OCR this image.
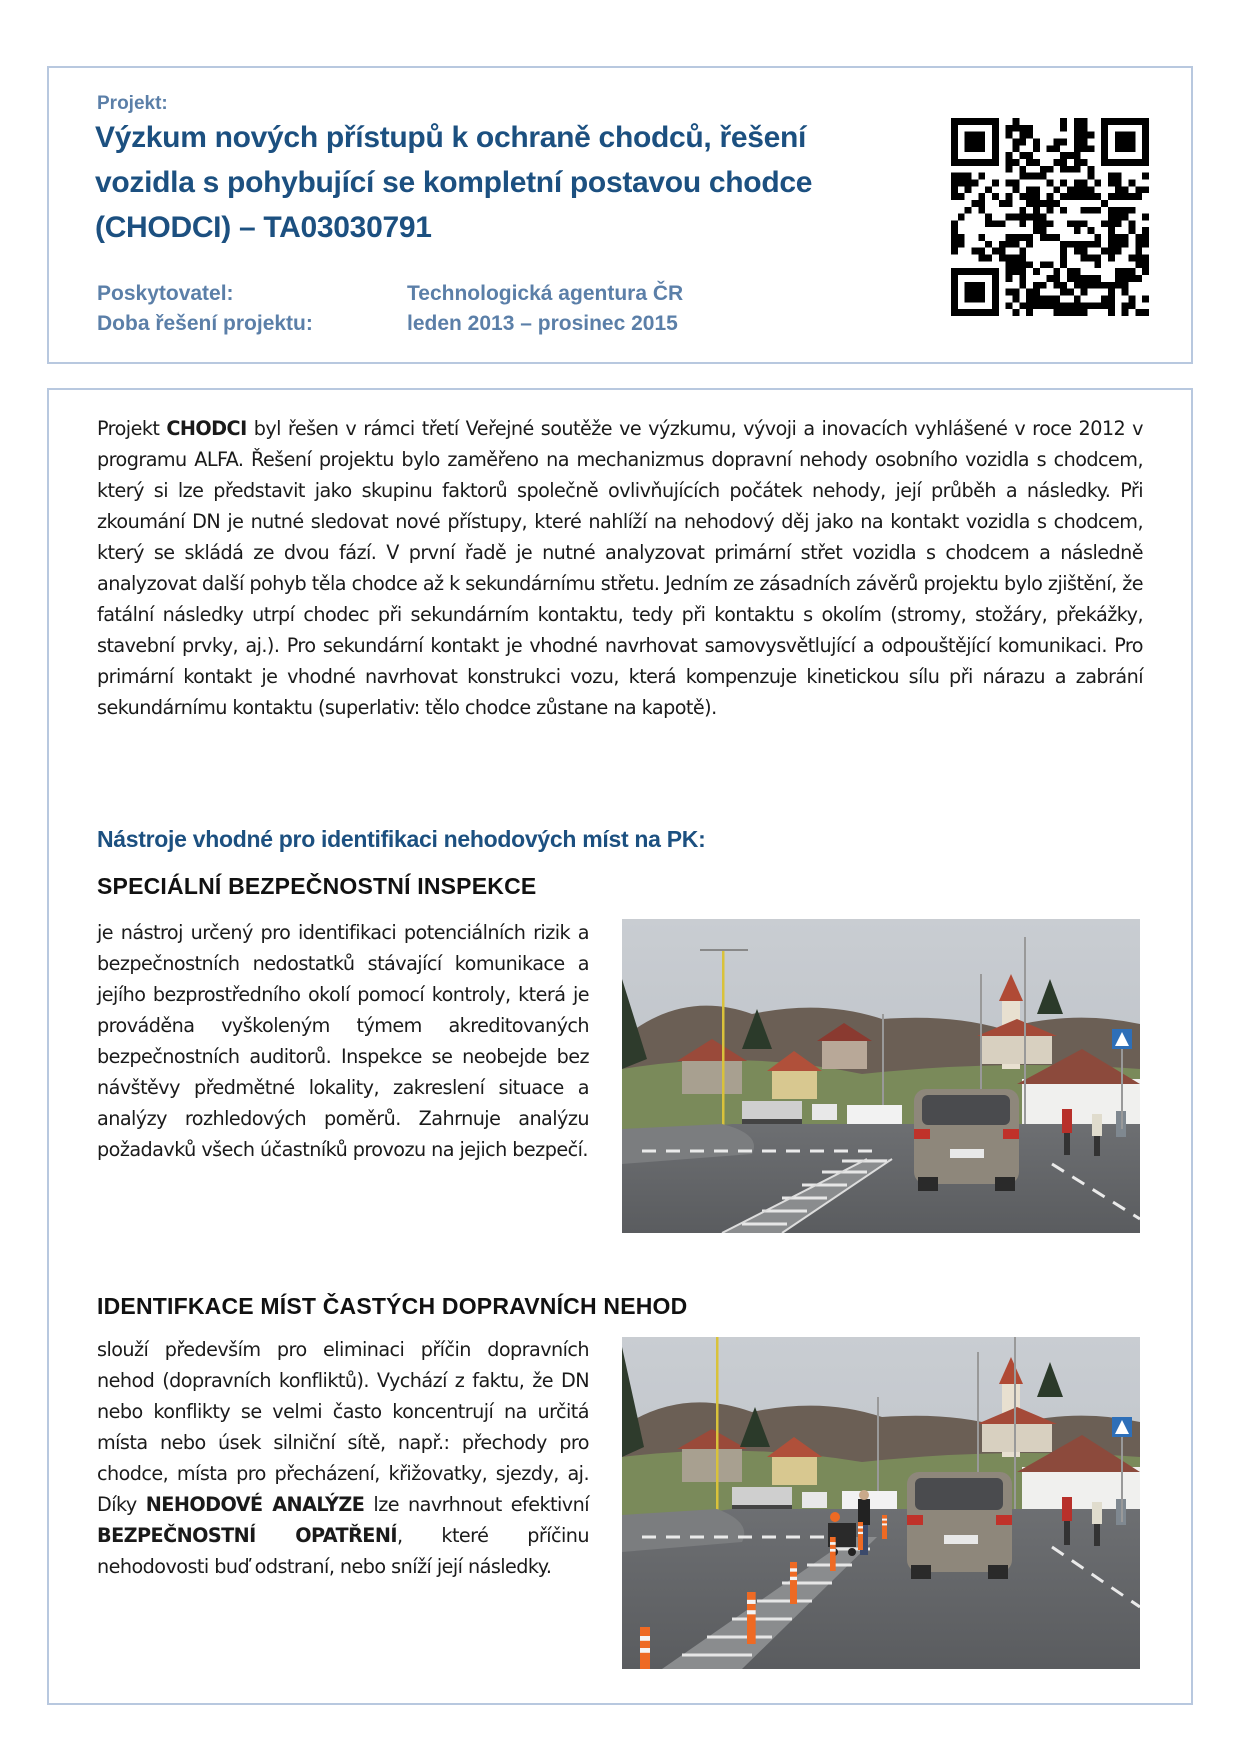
Projekt:
Výzkum nových přístupů k ochraně chodců, řešení
vozidla s pohybující se kompletní postavou chodce
(CHODCI) – TA03030791
Poskytovatel:	Technologická agentura ČR
Doba řešení projektu:	leden 2013 – prosinec 2015
Projekt CHODCI byl řešen v rámci třetí Veřejné soutěže ve výzkumu, vývoji a inovacích vyhlášené v roce 2012 v programu ALFA. Řešení projektu bylo zaměřeno na mechanizmus dopravní nehody osobního vozidla s chodcem, který si lze představit jako skupinu faktorů společně ovlivňujících počátek nehody, její průběh a následky. Při zkoumání DN je nutné sledovat nové přístupy, které nahlíží na nehodový děj jako na kontakt vozidla s chodcem, který se skládá ze dvou fází. V první řadě je nutné analyzovat primární střet vozidla s chodcem a následně analyzovat další pohyb těla chodce až k sekundárnímu střetu. Jedním ze zásadních závěrů projektu bylo zjištění, že fatální následky utrpí chodec při sekundárním kontaktu, tedy při kontaktu s okolím (stromy, stožáry, překážky, stavební prvky, aj.). Pro sekundární kontakt je vhodné navrhovat samovysvětlující a odpouštějící komunikaci. Pro primární kontakt je vhodné navrhovat konstrukci vozu, která kompenzuje kinetickou sílu při nárazu a zabrání sekundárnímu kontaktu (superlativ: tělo chodce zůstane na kapotě).
Nástroje vhodné pro identifikaci nehodových míst na PK:
SPECIÁLNÍ BEZPEČNOSTNÍ INSPEKCE
je nástroj určený pro identifikaci potenciálních rizik a bezpečnostních nedostatků stávající komunikace a jejího bezprostředního okolí pomocí kontroly, která je prováděna vyškoleným týmem akreditovaných bezpečnostních auditorů. Inspekce se neobejde bez návštěvy předmětné lokality, zakreslení situace a analýzy rozhledových poměrů. Zahrnuje analýzu požadavků všech účastníků provozu na jejich bezpečí.
IDENTIFKACE MÍST ČASTÝCH DOPRAVNÍCH NEHOD
slouží především pro eliminaci příčin dopravních nehod (dopravních konfliktů). Vychází z faktu, že DN nebo konflikty se velmi často koncentrují na určitá místa nebo úsek silniční sítě, např.: přechody pro chodce, místa pro přecházení, křižovatky, sjezdy, aj. Díky NEHODOVÉ ANALÝZE lze navrhnout efektivní BEZPEČNOSTNÍ OPATŘENÍ, které příčinu nehodovosti buď odstraní, nebo sníží její následky.
